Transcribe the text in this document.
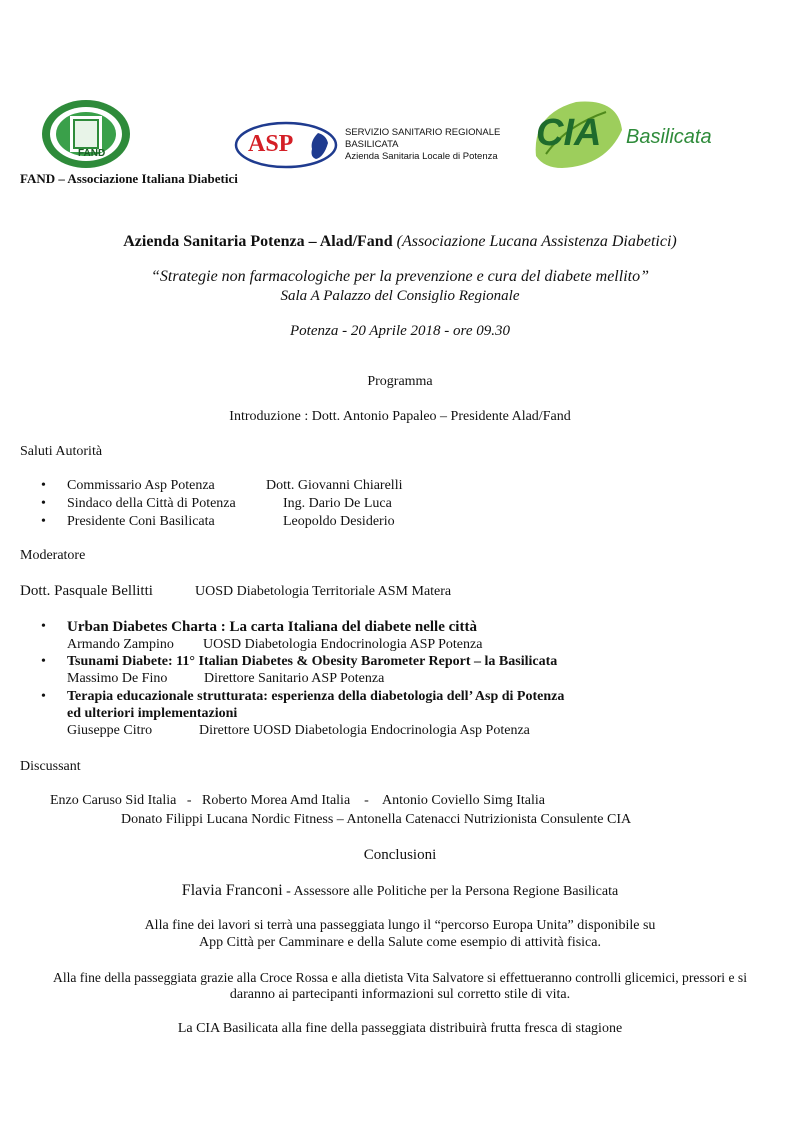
FAND
FAND – Associazione Italiana Diabetici
ASP	SERVIZIO SANITARIO REGIONALE
BASILICATA
Azienda Sanitaria Locale di Potenza
CIA Basilicata
Azienda Sanitaria Potenza – Alad/Fand (Associazione Lucana Assistenza Diabetici)
“Strategie non farmacologiche per la prevenzione e cura del diabete mellito”
Sala A Palazzo del Consiglio Regionale
Potenza - 20 Aprile 2018 - ore 09.30
Programma
Introduzione : Dott. Antonio Papaleo – Presidente Alad/Fand
Saluti Autorità
• Commissario Asp Potenza	Dott. Giovanni Chiarelli
• Sindaco della Città di Potenza	Ing. Dario De Luca
• Presidente Coni Basilicata	Leopoldo Desiderio
Moderatore
Dott. Pasquale Bellitti	UOSD Diabetologia Territoriale ASM Matera
• Urban Diabetes Charta : La carta Italiana del diabete nelle città
Armando Zampino UOSD Diabetologia Endocrinologia ASP Potenza
• Tsunami Diabete: 11° Italian Diabetes & Obesity Barometer Report – la Basilicata
Massimo De Fino	Direttore Sanitario ASP Potenza
• Terapia educazionale strutturata: esperienza della diabetologia dell’ Asp di Potenza
ed ulteriori implementazioni
Giuseppe Citro	Direttore UOSD Diabetologia Endocrinologia Asp Potenza
Discussant
Enzo Caruso Sid Italia   -   Roberto Morea Amd Italia    -    Antonio Coviello Simg Italia
Donato Filippi Lucana Nordic Fitness – Antonella Catenacci Nutrizionista Consulente CIA
Conclusioni
Flavia Franconi - Assessore alle Politiche per la Persona Regione Basilicata
Alla fine dei lavori si terrà una passeggiata lungo il “percorso Europa Unita” disponibile su
App Città per Camminare e della Salute come esempio di attività fisica.
Alla fine della passeggiata grazie alla Croce Rossa e alla dietista Vita Salvatore si effettueranno controlli glicemici, pressori e si
daranno ai partecipanti informazioni sul corretto stile di vita.
La CIA Basilicata alla fine della passeggiata distribuirà frutta fresca di stagione
